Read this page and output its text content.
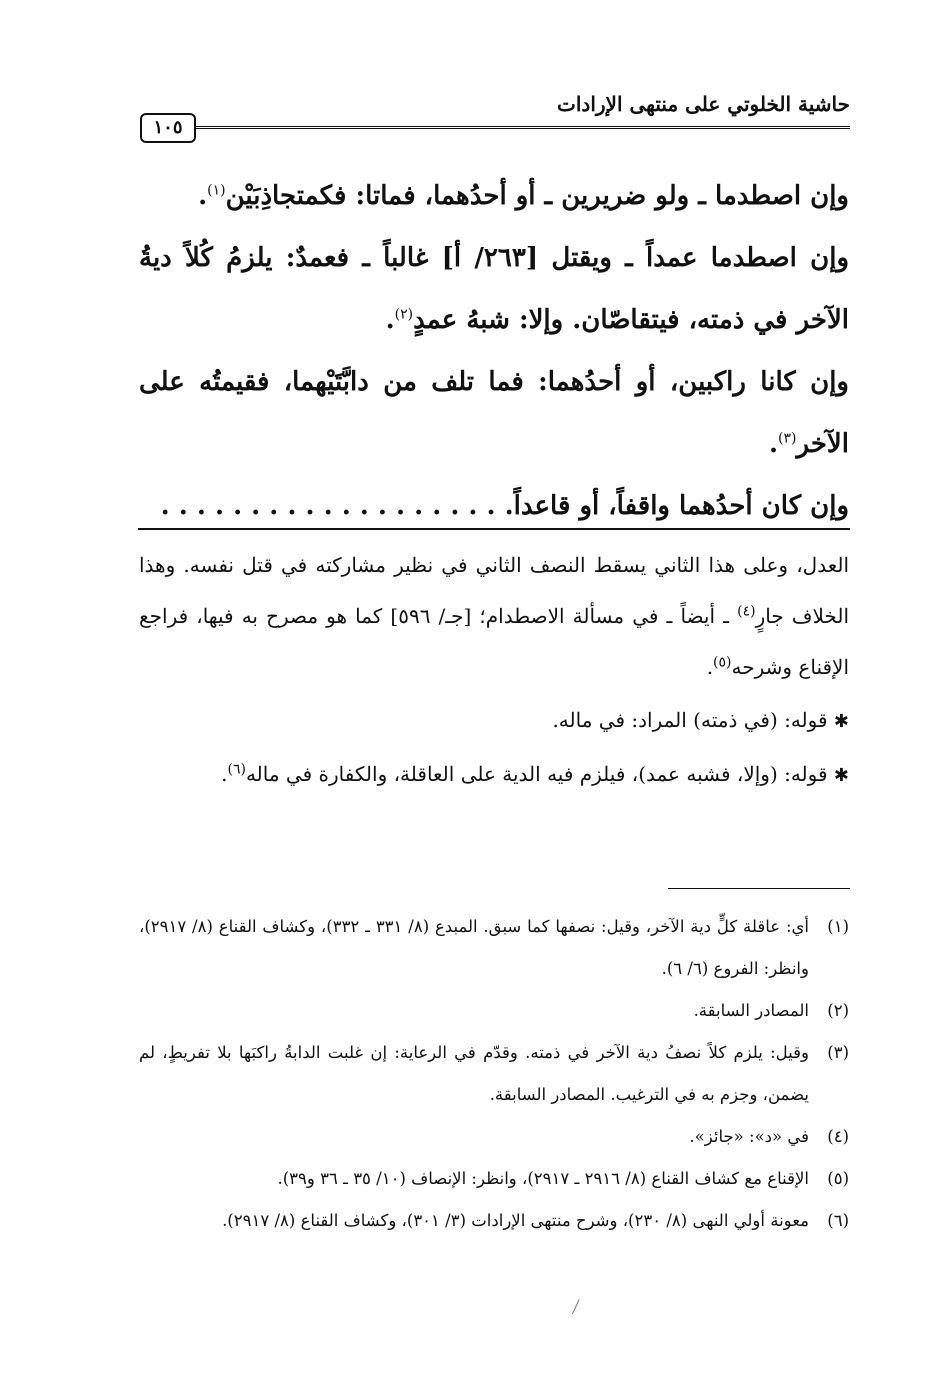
حاشية الخلوتي على منتهى الإرادات
١٠٥

وإن اصطدما ـ ولو ضريرين ـ أو أحدُهما، فماتا: فكمتجاذِبَيْن$^{(١)}$.

وإن اصطدما عمداً ـ ويقتل [٢٦٣/ أ] غالباً ـ فعمدٌ: يلزمُ كُلاً ديةُ الآخر في ذمته، فيتقاصّان. وإلا: شبهُ عمدٍ$^{(٢)}$.

وإن كانا راكبين، أو أحدُهما: فما تلف من دابَّتَيْهما، فقيمتُه على الآخر$^{(٣)}$.

وإن كان أحدُهما واقفاً، أو قاعداً. . . . . . . . . . . . . . . . . . . .

العدل، وعلى هذا الثاني يسقط النصف الثاني في نظير مشاركته في قتل نفسه. وهذا الخلاف جارٍ$^{(٤)}$ ـ أيضاً ـ في مسألة الاصطدام؛ [جـ/ ٥٩٦] كما هو مصرح به فيها، فراجع الإقناع وشرحه$^{(٥)}$.

✱ قوله: (في ذمته) المراد: في ماله.

✱ قوله: (وإلا، فشبه عمد)، فيلزم فيه الدية على العاقلة، والكفارة في ماله$^{(٦)}$.

(١)
أي: عاقلة كلٍّ دية الآخر، وقيل: نصفها كما سبق. المبدع (٨/ ٣٣١ ـ ٣٣٢)، وكشاف القناع (٨/ ٢٩١٧)، وانظر: الفروع (٦/ ٦).
(٢)
المصادر السابقة.
(٣)
وقيل: يلزم كلاً نصفُ دية الآخر في ذمته. وقدّم في الرعاية: إن غلبت الدابةُ راكبَها بلا تفريطٍ، لم يضمن، وجزم به في الترغيب. المصادر السابقة.
(٤)
في «د»: «جائز».
(٥)
الإقناع مع كشاف القناع (٨/ ٢٩١٦ ـ ٢٩١٧)، وانظر: الإنصاف (١٠/ ٣٥ ـ ٣٦ و٣٩).
(٦)
معونة أولي النهى (٨/ ٢٣٠)، وشرح منتهى الإرادات (٣/ ٣٠١)، وكشاف القناع (٨/ ٢٩١٧).
